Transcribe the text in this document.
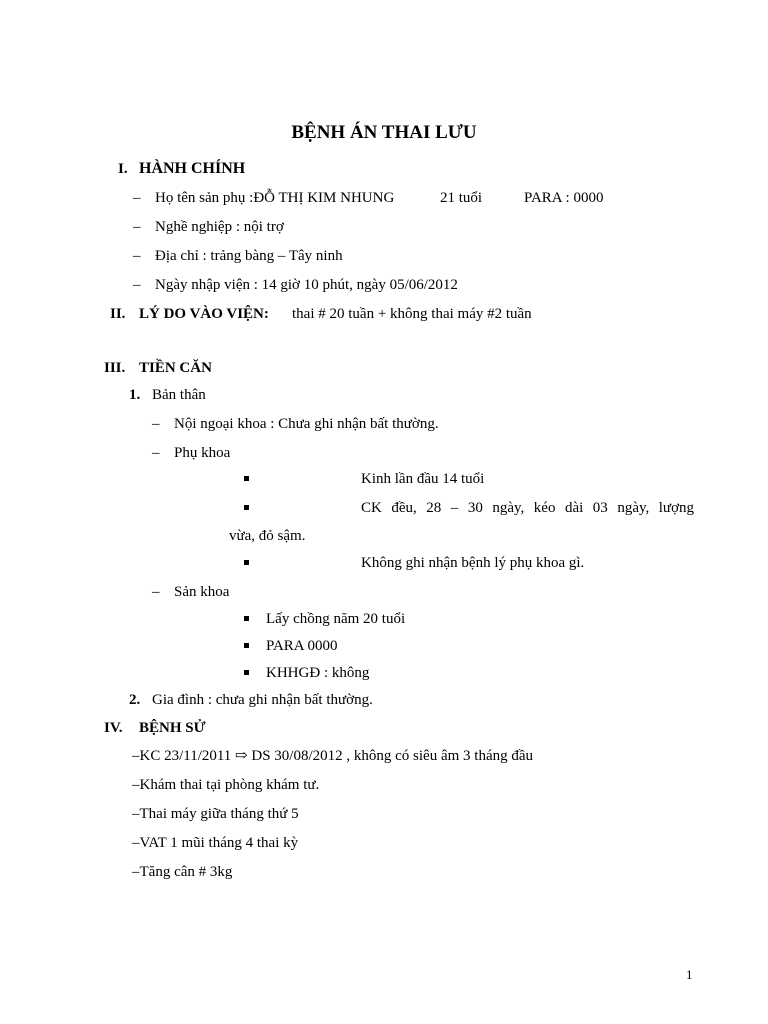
BỆNH ÁN THAI LƯU
I. HÀNH CHÍNH
– Họ tên sản phụ :ĐỖ THỊ KIM NHUNG	21 tuổi	PARA : 0000
– Nghề nghiệp : nội trợ
– Địa chỉ : trảng bàng – Tây ninh
– Ngày nhập viện : 14 giờ 10 phút, ngày 05/06/2012
II. LÝ DO VÀO VIỆN: thai # 20 tuần + không thai máy #2 tuần
III. TIỀN CĂN
1. Bản thân
– Nội ngoại khoa : Chưa ghi nhận bất thường.
– Phụ khoa
Kinh lần đầu 14 tuổi
CK đều, 28 – 30 ngày, kéo dài 03 ngày, lượng
vừa, đỏ sậm.
Không ghi nhận bệnh lý phụ khoa gì.
– Sản khoa
Lấy chồng năm 20 tuổi
PARA 0000
KHHGĐ : không
2. Gia đình : chưa ghi nhận bất thường.
IV. BỆNH SỬ
–KC 23/11/2011 ⇨ DS 30/08/2012 , không có siêu âm 3 tháng đầu
–Khám thai tại phòng khám tư.
–Thai máy giữa tháng thứ 5
–VAT 1 mũi tháng 4 thai kỳ
–Tăng cân # 3kg
1
